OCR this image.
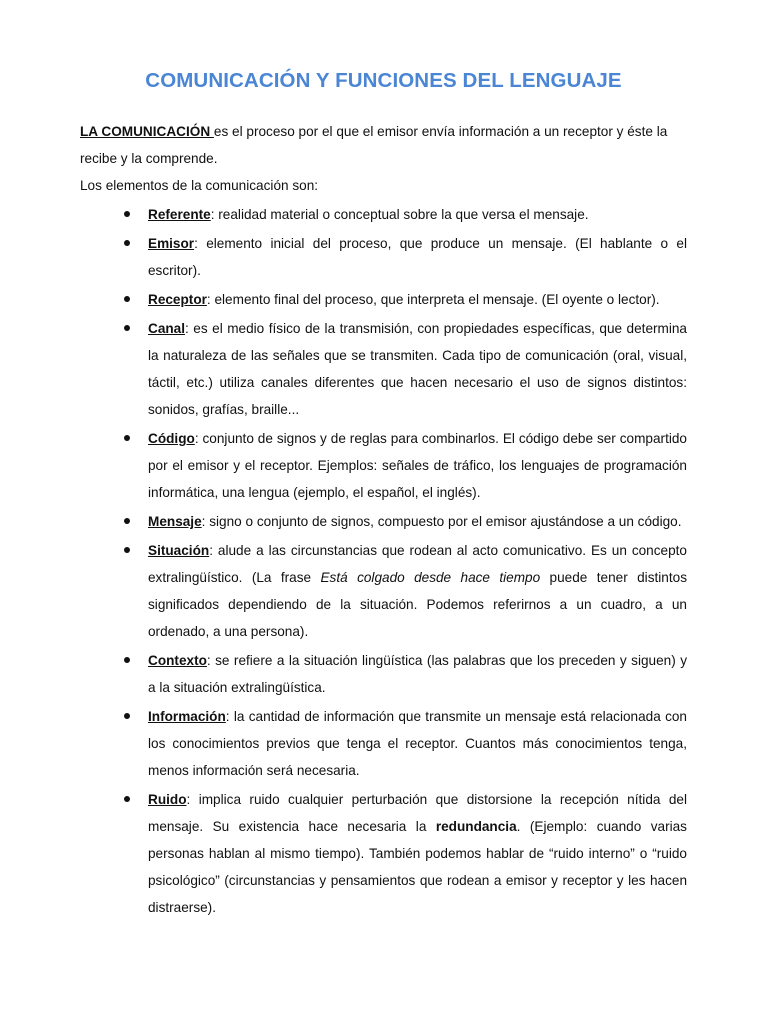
COMUNICACIÓN Y FUNCIONES DEL LENGUAJE

LA COMUNICACIÓN es el proceso por el que el emisor envía información a un receptor y éste la recibe y la comprende.

Los elementos de la comunicación son:

Referente: realidad material o conceptual sobre la que versa el mensaje.
Emisor: elemento inicial del proceso, que produce un mensaje. (El hablante o el escritor).
Receptor: elemento final del proceso, que interpreta el mensaje. (El oyente o lector).
Canal: es el medio físico de la transmisión, con propiedades específicas, que determina la naturaleza de las señales que se transmiten. Cada tipo de comunicación (oral, visual, táctil, etc.) utiliza canales diferentes que hacen necesario el uso de signos distintos: sonidos, grafías, braille...
Código: conjunto de signos y de reglas para combinarlos. El código debe ser compartido por el emisor y el receptor. Ejemplos: señales de tráfico, los lenguajes de programación informática, una lengua (ejemplo, el español, el inglés).
Mensaje: signo o conjunto de signos, compuesto por el emisor ajustándose a un código.
Situación: alude a las circunstancias que rodean al acto comunicativo. Es un concepto extralingüístico. (La frase Está colgado desde hace tiempo puede tener distintos significados dependiendo de la situación. Podemos referirnos a un cuadro, a un ordenado, a una persona).
Contexto: se refiere a la situación lingüística (las palabras que los preceden y siguen) y a la situación extralingüística.
Información: la cantidad de información que transmite un mensaje está relacionada con los conocimientos previos que tenga el receptor. Cuantos más conocimientos tenga, menos información será necesaria.
Ruido: implica ruido cualquier perturbación que distorsione la recepción nítida del mensaje. Su existencia hace necesaria la redundancia. (Ejemplo: cuando varias personas hablan al mismo tiempo). También podemos hablar de “ruido interno” o “ruido psicológico” (circunstancias y pensamientos que rodean a emisor y receptor y les hacen distraerse).
